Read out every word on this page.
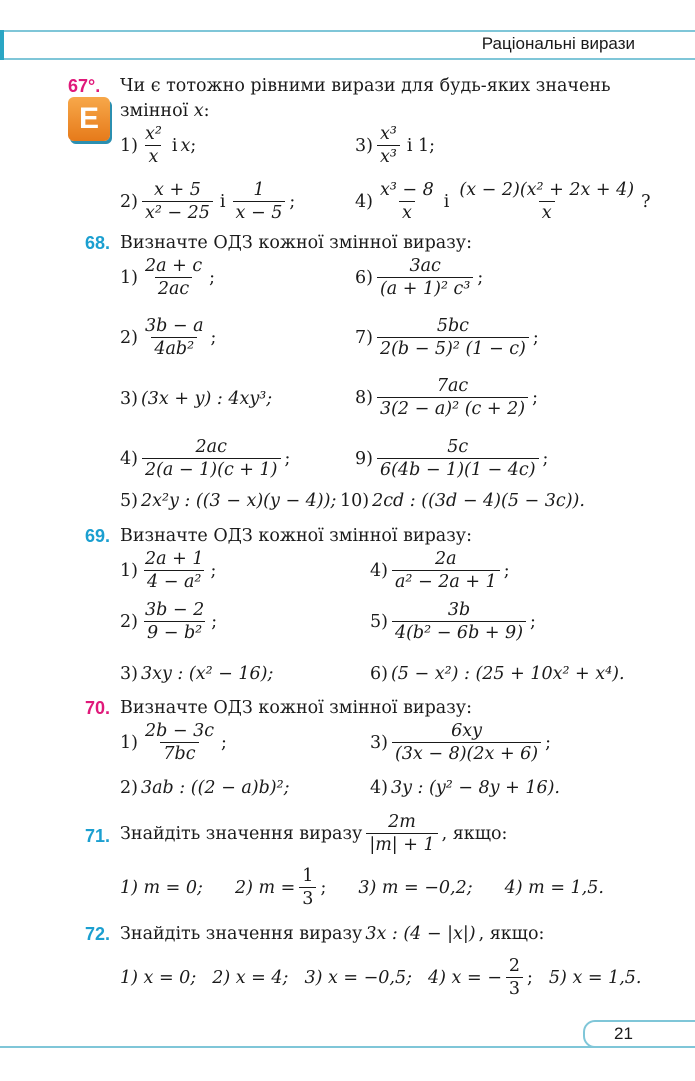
Раціональні вирази
67°.
E
Чи є тотожно рівними вирази для будь-яких значень
змінної x:
$1) \frac{\text{x²}}{x}$ і x ;	$3) \frac{\text{x³}}{\text{x³}}$ і 1;
$2) \frac{x + 5}{\text{x² − 25}}$ і $\frac{1}{x - 5}$ ;	$4) \frac{\text{x³ − 8}}{x}$ і $\frac{\text{(x − 2)(x² + 2x + 4)}}{x}$ ?
68. Визначте ОДЗ кожної змінної виразу:
$1) \frac{2a + c}{2ac}$ ;	$6) \frac{3ac}{\text{(a + 1)² c³}}$ ;
$2) \frac{3b - a}{\text{4ab²}}$ ;	$7) \frac{5bc}{\text{2(b − 5)² (1 − c)}}$ ;
3) (3x + y) : 4xy³;	$8) \frac{7ac}{\text{3(2 − a)² (c + 2)}}$ ;
$4) \frac{2ac}{2(a - 1)(c + 1)}$ ;	$9) \frac{5c}{6(4b - 1)(1 - 4c)}$ ;
5) 2x²y : ((3 − x)(y − 4)); 10) 2cd : ((3d − 4)(5 − 3c)).
69. Визначте ОДЗ кожної змінної виразу:
$1) \frac{2a + 1}{\text{4 − a²}}$ ;	$4) \frac{2a}{\text{a² − 2a + 1}}$ ;
$2) \frac{3b - 2}{\text{9 − b²}}$ ;	$5) \frac{3b}{\text{4(b² − 6b + 9)}}$ ;
3) 3xy : (x² − 16);	6) (5 − x²) : (25 + 10x² + x⁴).
70. Визначте ОДЗ кожної змінної виразу:
$1) \frac{2b - 3c}{7bc}$ ;	$3) \frac{6xy}{(3x - 8)(2x + 6)}$ ;
2) 3ab : ((2 − a)b)²;	4) 3y : (y² − 8y + 16).
71. Знайдіть значення виразу $\frac{2m}{|m| + 1}$ , якщо:
1) m = 0; 2) $m = \frac{1}{3}$ ; 3) m = −0,2; 4) m = 1,5.
72. Знайдіть значення виразу 3x : (4 − |x|) , якщо:
1) x = 0; 2) x = 4; 3) x = −0,5; 4) x = − $\frac{2}{3}$ ; 5) x = 1,5.
21
